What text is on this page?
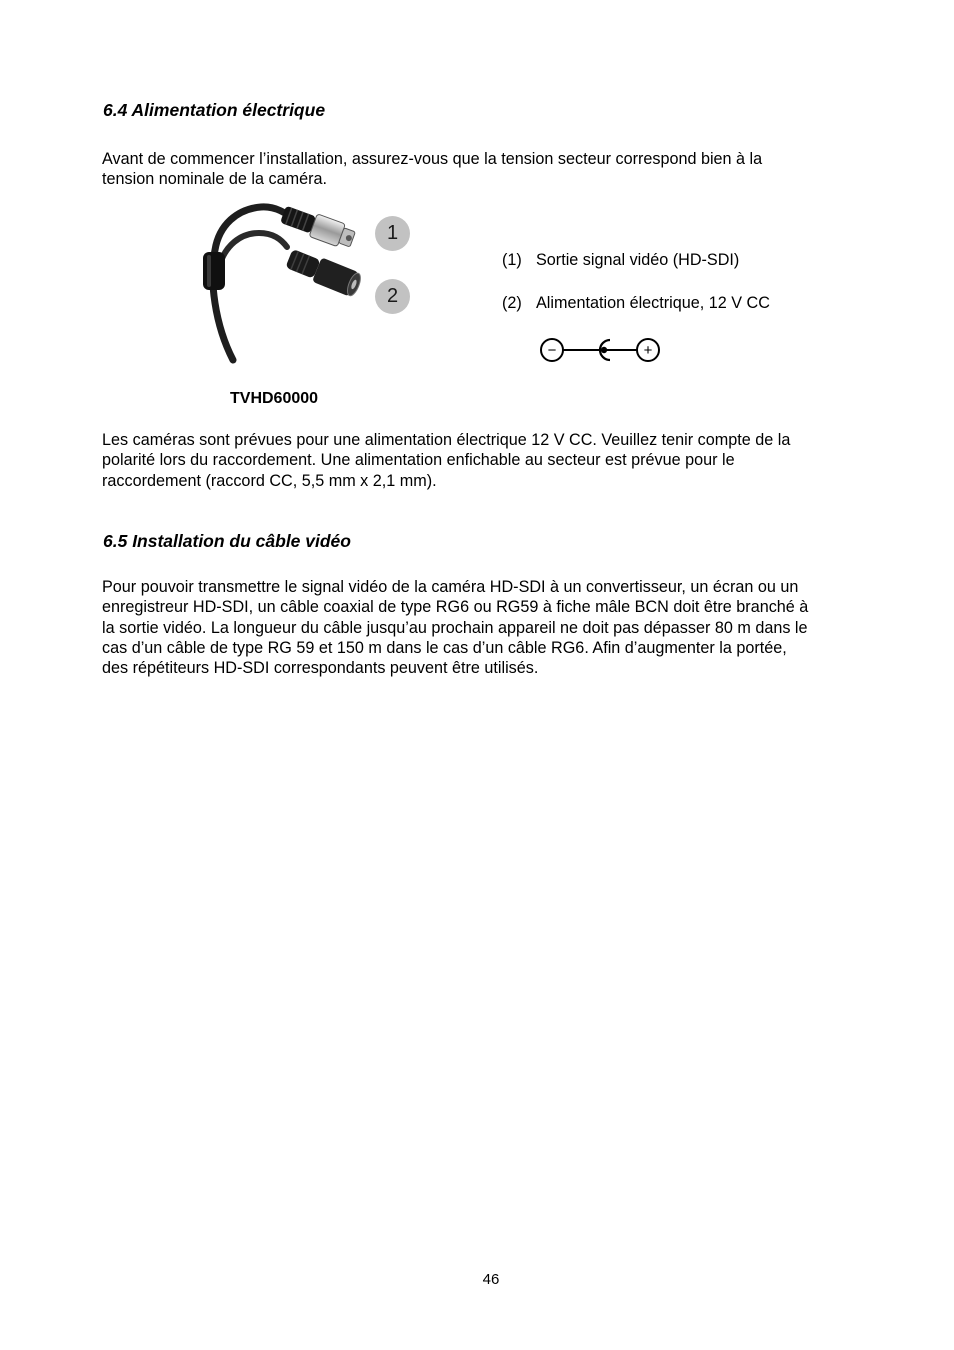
6.4 Alimentation électrique

Avant de commencer l’installation, assurez-vous que la tension secteur correspond bien à la
tension nominale de la caméra.

1
2
TVHD60000
(1) Sortie signal vidéo (HD-SDI)
(2) Alimentation électrique, 12 V CC
−	+

Les caméras sont prévues pour une alimentation électrique 12 V CC. Veuillez tenir compte de la
polarité lors du raccordement. Une alimentation enfichable au secteur est prévue pour le
raccordement (raccord CC, 5,5 mm x 2,1 mm).

6.5 Installation du câble vidéo

Pour pouvoir transmettre le signal vidéo de la caméra HD-SDI à un convertisseur, un écran ou un
enregistreur HD-SDI, un câble coaxial de type RG6 ou RG59 à fiche mâle BCN doit être branché à
la sortie vidéo. La longueur du câble jusqu’au prochain appareil ne doit pas dépasser 80 m dans le
cas d’un câble de type RG 59 et 150 m dans le cas d’un câble RG6. Afin d’augmenter la portée,
des répétiteurs HD-SDI correspondants peuvent être utilisés.

46
